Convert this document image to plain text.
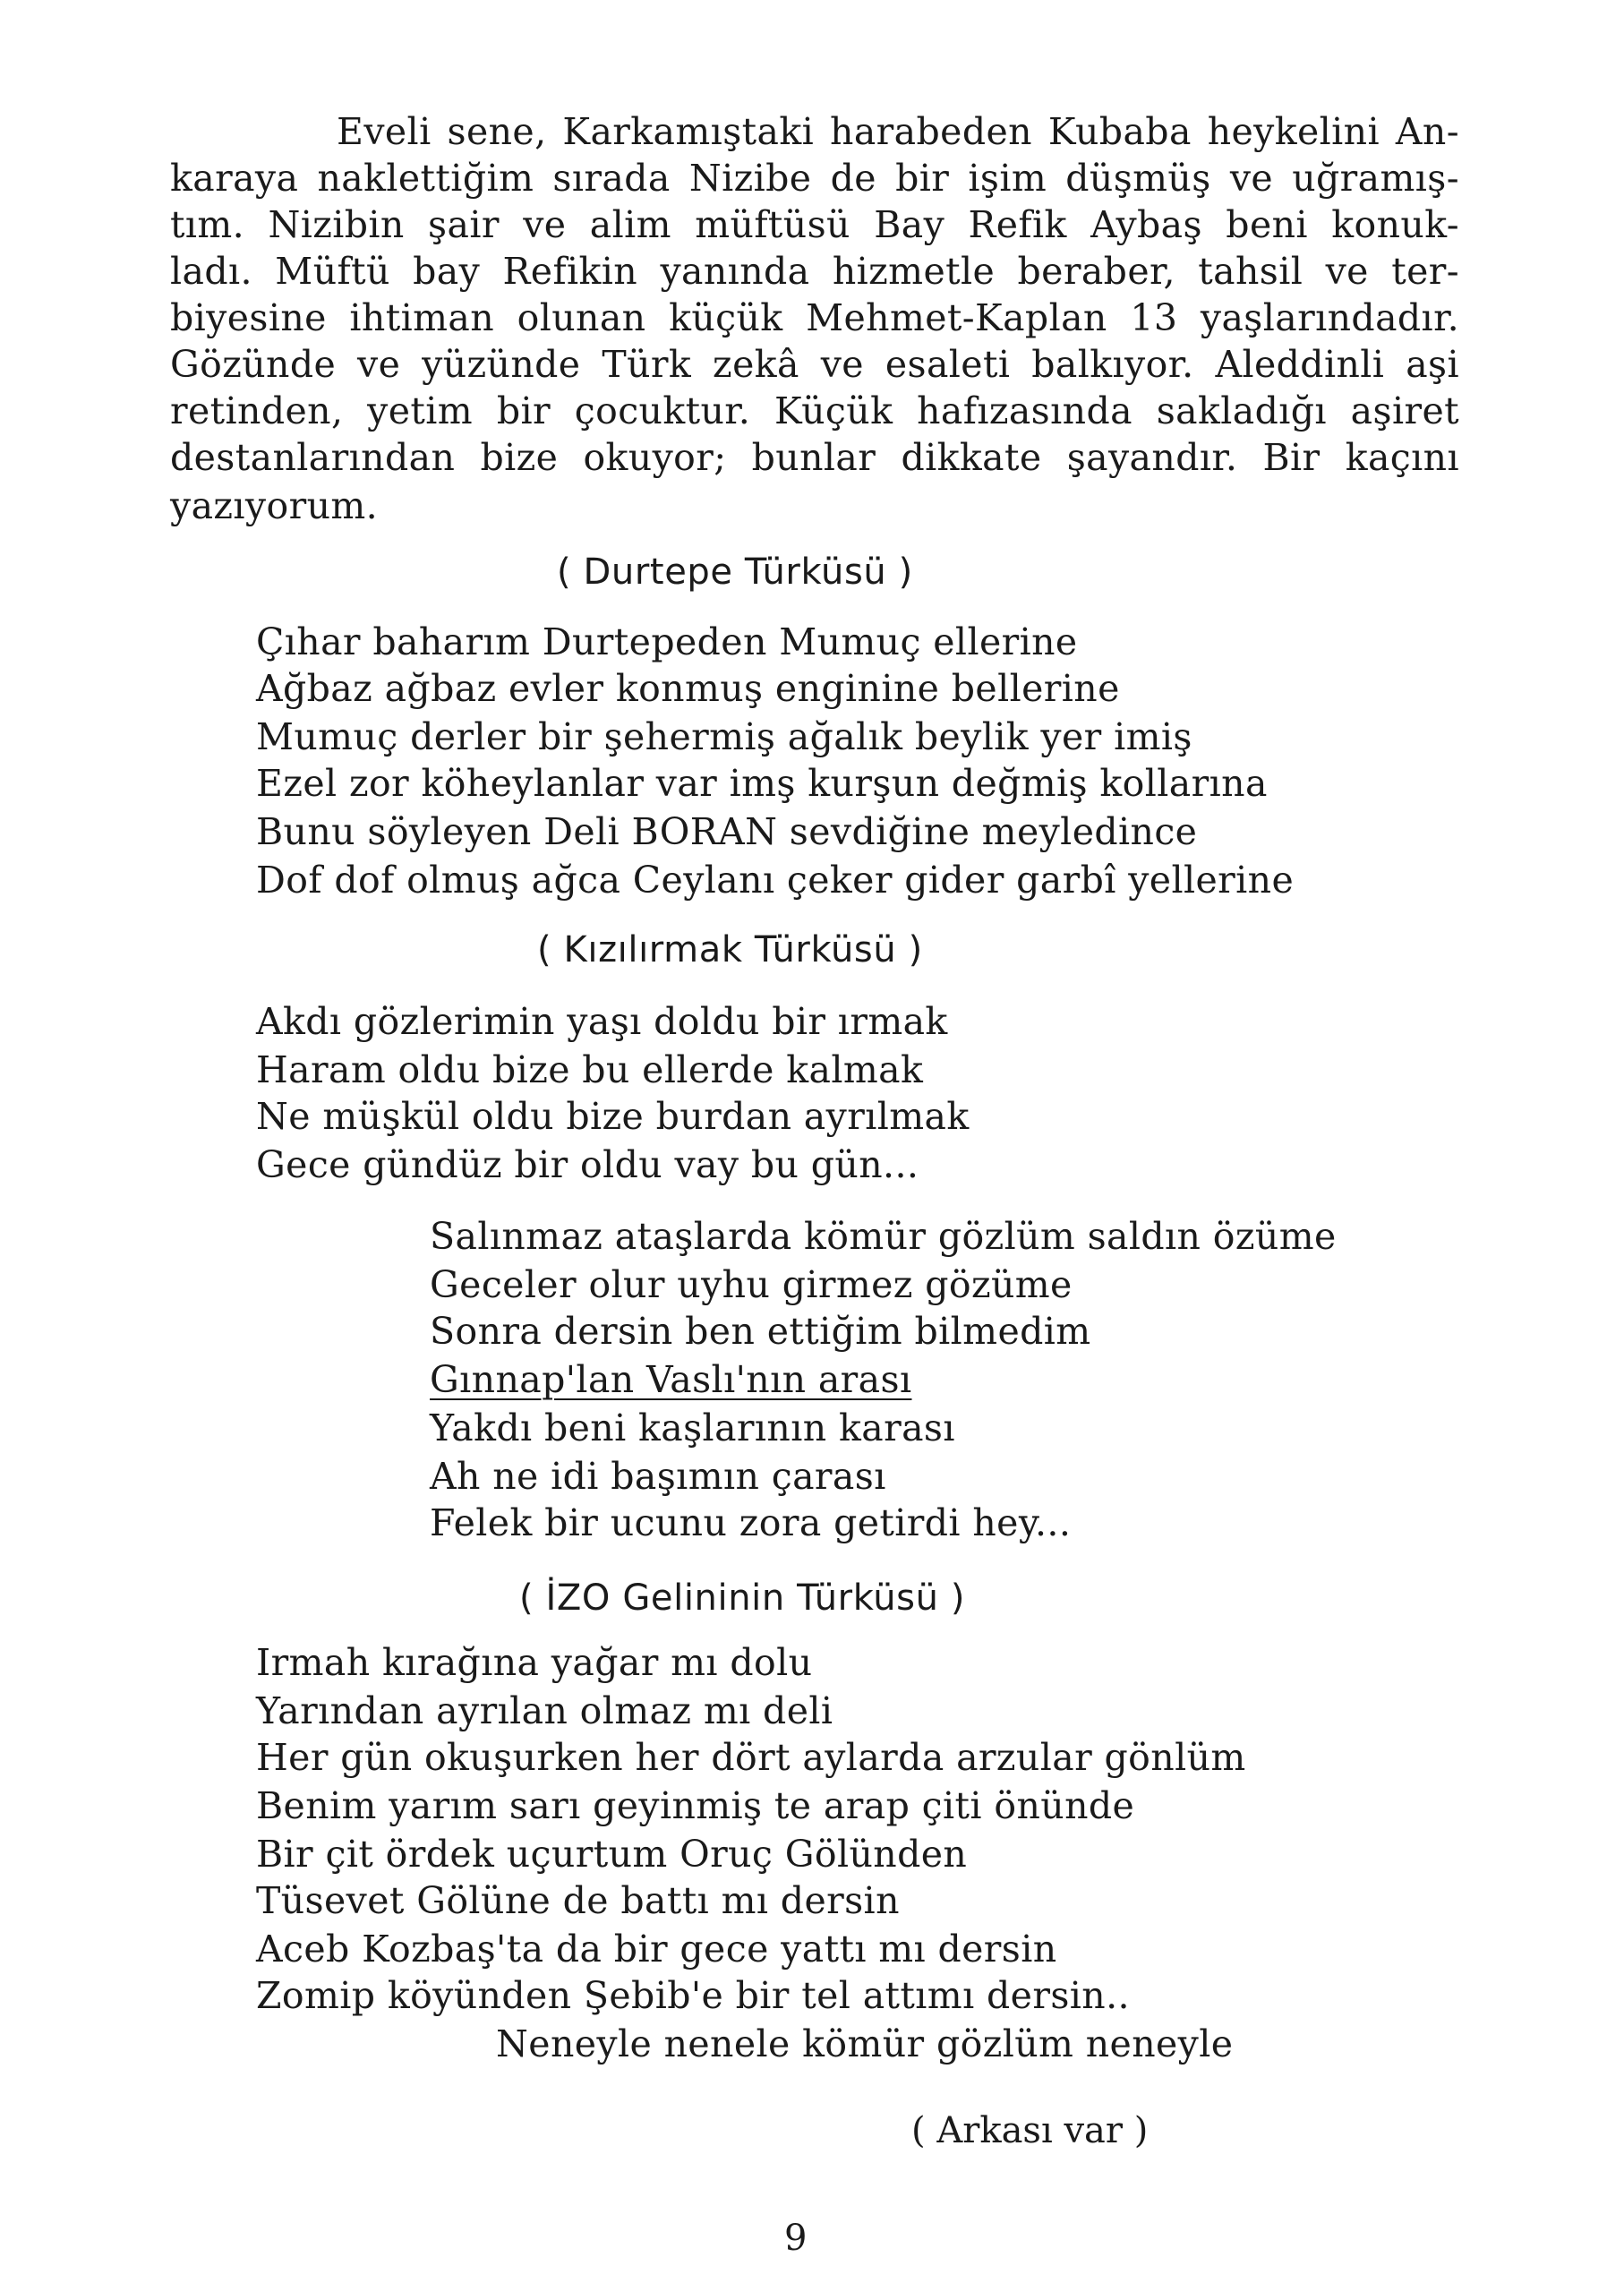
Eveli sene, Karkamıştaki harabeden Kubaba heykelini An-
karaya naklettiğim sırada Nizibe de bir işim düşmüş ve uğramış-
tım. Nizibin şair ve alim müftüsü Bay Refik Aybaş beni konuk-
ladı. Müftü bay Refikin yanında hizmetle beraber, tahsil ve ter-
biyesine ihtiman olunan küçük Mehmet-Kaplan 13 yaşlarındadır.
Gözünde ve yüzünde Türk zekâ ve esaleti balkıyor. Aleddinli aşi
retinden, yetim bir çocuktur. Küçük hafızasında sakladığı aşiret
destanlarından bize okuyor; bunlar dikkate şayandır. Bir kaçını
yazıyorum.
( Durtepe Türküsü )
Çıhar baharım Durtepeden Mumuç ellerine
Ağbaz ağbaz evler konmuş enginine bellerine
Mumuç derler bir şehermiş ağalık beylik yer imiş
Ezel zor köheylanlar var imş kurşun değmiş kollarına
Bunu söyleyen Deli BORAN sevdiğine meyledince
Dof dof olmuş ağca Ceylanı çeker gider garbî yellerine
( Kızılırmak Türküsü )
Akdı gözlerimin yaşı doldu bir ırmak
Haram oldu bize bu ellerde kalmak
Ne müşkül oldu bize burdan ayrılmak
Gece gündüz bir oldu vay bu gün...
Salınmaz ataşlarda kömür gözlüm saldın özüme
Geceler olur uyhu girmez gözüme
Sonra dersin ben ettiğim bilmedim
Gınnap'lan Vaslı'nın arası
Yakdı beni kaşlarının karası
Ah ne idi başımın çarası
Felek bir ucunu zora getirdi hey...
( İZO Gelininin Türküsü )
Irmah kırağına yağar mı dolu
Yarından ayrılan olmaz mı deli
Her gün okuşurken her dört aylarda arzular gönlüm
Benim yarım sarı geyinmiş te arap çiti önünde
Bir çit ördek uçurtum Oruç Gölünden
Tüsevet Gölüne de battı mı dersin
Aceb Kozbaş'ta da bir gece yattı mı dersin
Zomip köyünden Şebib'e bir tel attımı dersin..
Neneyle nenele kömür gözlüm neneyle
( Arkası var )
9
